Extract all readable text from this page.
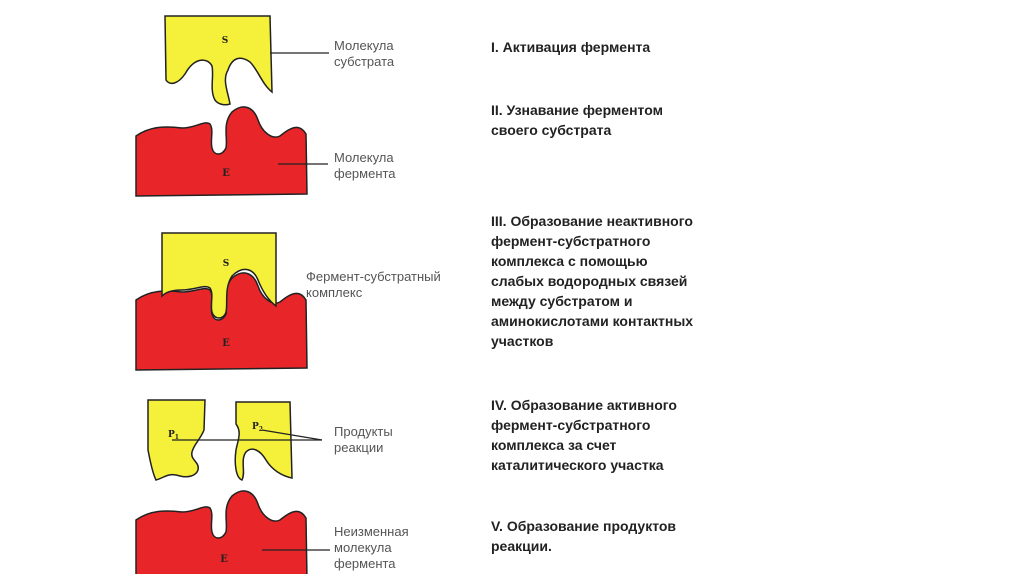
S
E
S
E
$P_1$
$P_2$
E
Молекула
субстрата
Молекула
фермента
Фермент-субстратный
комплекс
Продукты
реакции
Неизменная
молекула
фермента
I. Активация фермента
II. Узнавание ферментом
своего субстрата
III. Образование неактивного
фермент-субстратного
комплекса с помощью
слабых водородных связей
между субстратом и
аминокислотами контактных
участков
IV. Образование активного
фермент-субстратного
комплекса за счет
каталитического участка
V. Образование продуктов
реакции.
